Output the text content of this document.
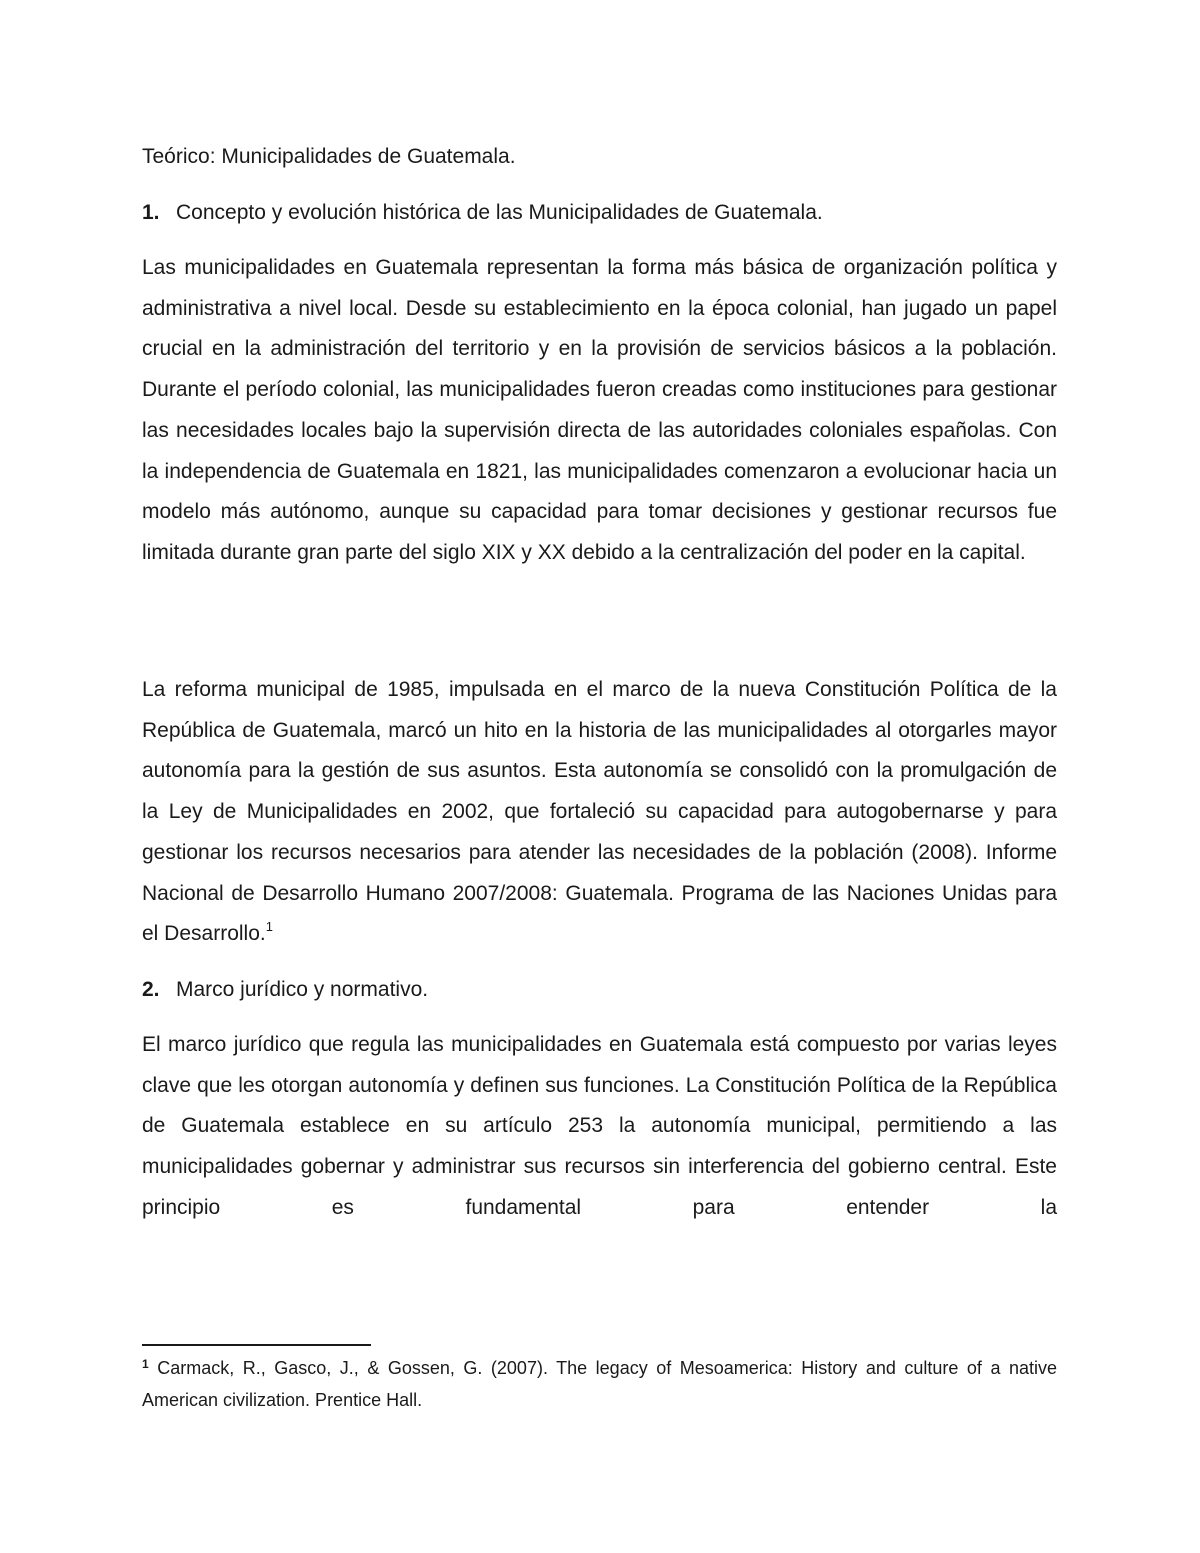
Teórico: Municipalidades de Guatemala.
1. Concepto y evolución histórica de las Municipalidades de Guatemala.

Las municipalidades en Guatemala representan la forma más básica de organización política y administrativa a nivel local. Desde su establecimiento en la época colonial, han jugado un papel crucial en la administración del territorio y en la provisión de servicios básicos a la población. Durante el período colonial, las municipalidades fueron creadas como instituciones para gestionar las necesidades locales bajo la supervisión directa de las autoridades coloniales españolas. Con la independencia de Guatemala en 1821, las municipalidades comenzaron a evolucionar hacia un modelo más autónomo, aunque su capacidad para tomar decisiones y gestionar recursos fue limitada durante gran parte del siglo XIX y XX debido a la centralización del poder en la capital.

La reforma municipal de 1985, impulsada en el marco de la nueva Constitución Política de la República de Guatemala, marcó un hito en la historia de las municipalidades al otorgarles mayor autonomía para la gestión de sus asuntos. Esta autonomía se consolidó con la promulgación de la Ley de Municipalidades en 2002, que fortaleció su capacidad para autogobernarse y para gestionar los recursos necesarios para atender las necesidades de la población (2008). Informe Nacional de Desarrollo Humano 2007/2008: Guatemala. Programa de las Naciones Unidas para el Desarrollo.$^1$

2. Marco jurídico y normativo.

El marco jurídico que regula las municipalidades en Guatemala está compuesto por varias leyes clave que les otorgan autonomía y definen sus funciones. La Constitución Política de la República de Guatemala establece en su artículo 253 la autonomía municipal, permitiendo a las municipalidades gobernar y administrar sus recursos sin interferencia del gobierno central. Este principio es fundamental para entender la

$^1$ Carmack, R., Gasco, J., & Gossen, G. (2007). The legacy of Mesoamerica: History and culture of a native American civilization. Prentice Hall.
